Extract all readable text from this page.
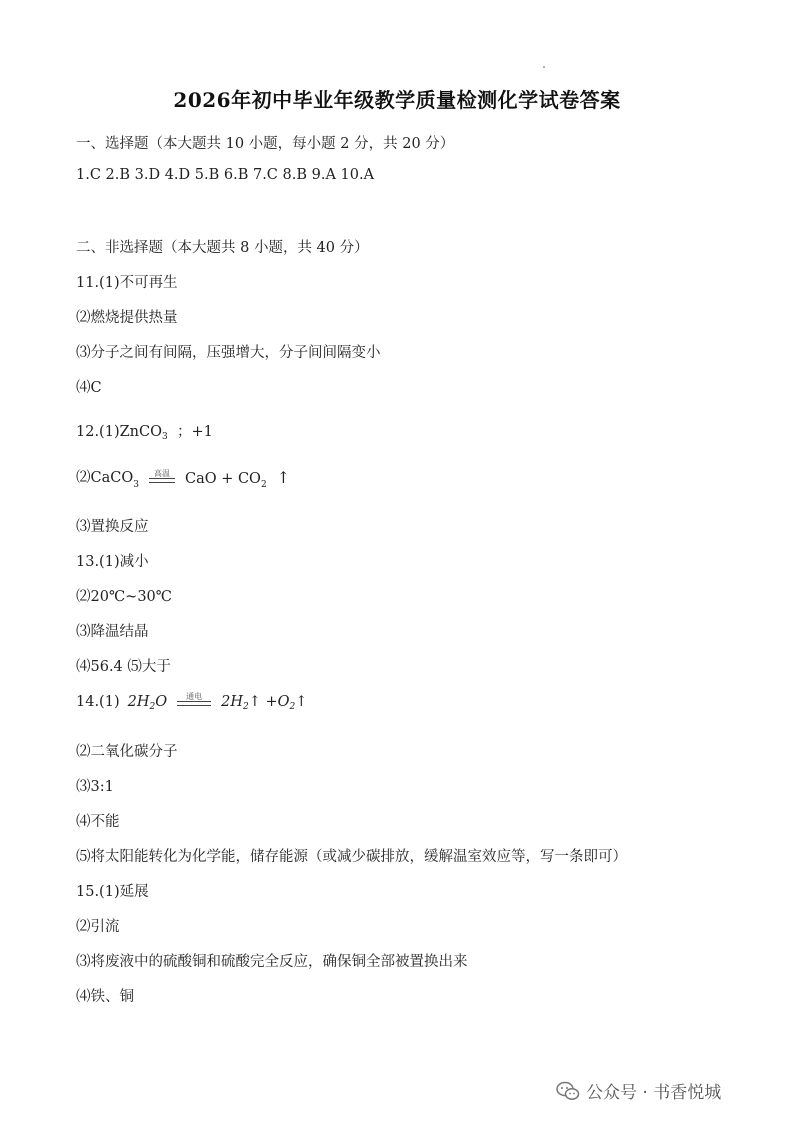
2026年初中毕业年级教学质量检测化学试卷答案
一、选择题（本大题共 10 小题，每小题 2 分，共 20 分）
1.C 2.B 3.D 4.D 5.B 6.B 7.C 8.B 9.A 10.A
二、非选择题（本大题共 8 小题，共 40 分）
11.(1)不可再生
⑵燃烧提供热量
⑶分子之间有间隔，压强增大，分子间间隔变小
⑷C
12.(1)ZnCO$_3$ ；+1
⑵CaCO 3
高温 CaO + CO 2 ↑
⑶置换反应
13.(1)减小
⑵20℃~30℃
⑶降温结晶
⑷56.4 ⑸大于
14.(1) $2H_2O$ 通电 $2H_2↑$ $+O_2↑$
⑵二氧化碳分子
⑶3:1
⑷不能
⑸将太阳能转化为化学能，储存能源（或减少碳排放，缓解温室效应等，写一条即可）
15.(1)延展
⑵引流
⑶将废液中的硫酸铜和硫酸完全反应，确保铜全部被置换出来
⑷铁、铜
公众号 · 书香悦城
